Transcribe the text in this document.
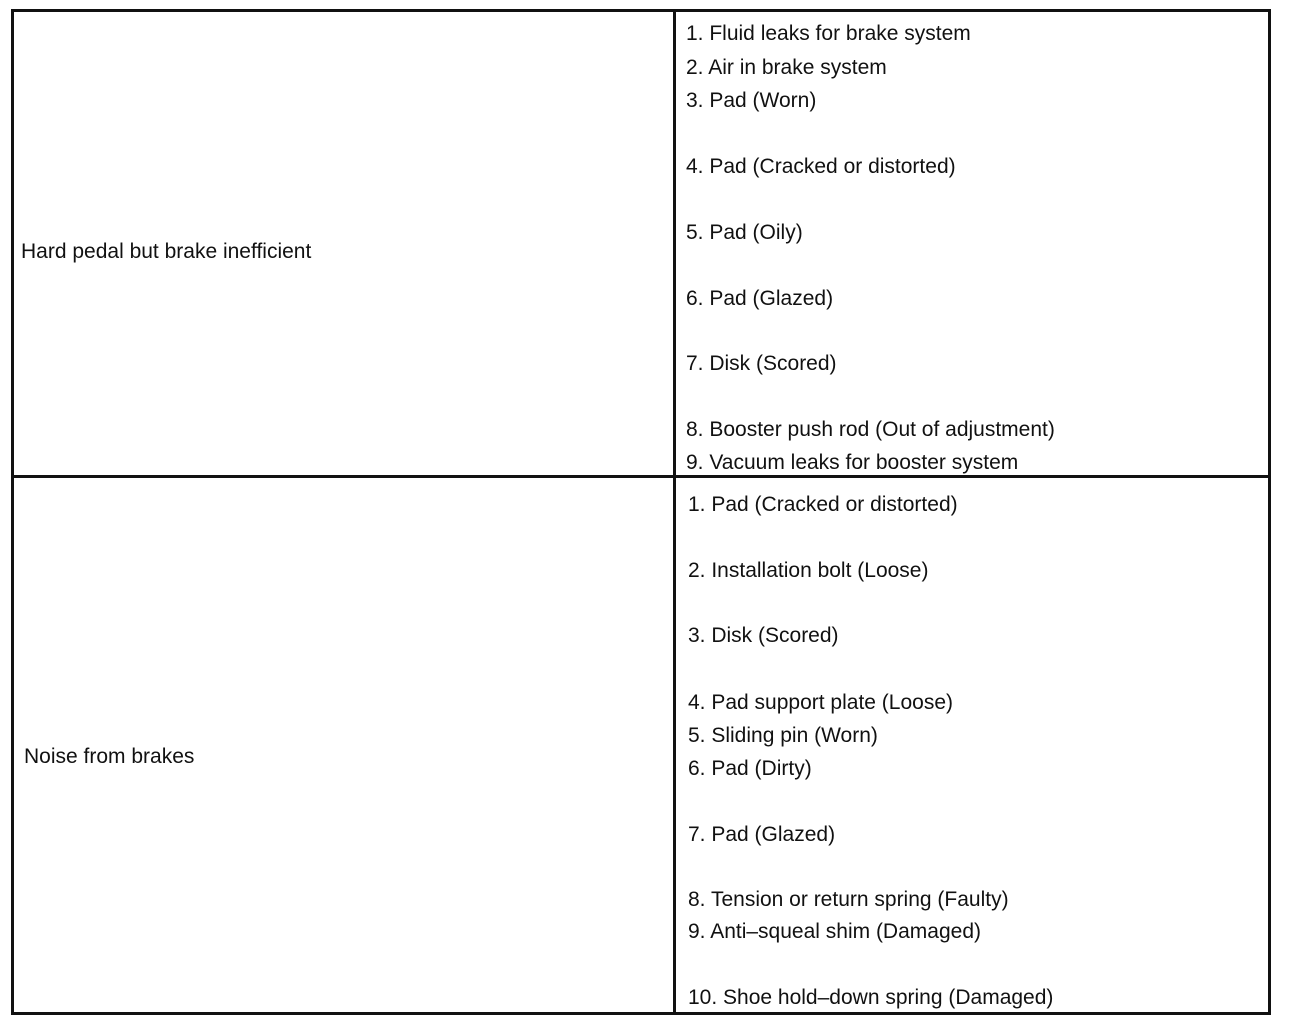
Hard pedal but brake inefficient
1. Fluid leaks for brake system
2. Air in brake system
3. Pad (Worn)
4. Pad (Cracked or distorted)
5. Pad (Oily)
6. Pad (Glazed)
7. Disk (Scored)
8. Booster push rod (Out of adjustment)
9. Vacuum leaks for booster system
Noise from brakes
1. Pad (Cracked or distorted)
2. Installation bolt (Loose)
3. Disk (Scored)
4. Pad support plate (Loose)
5. Sliding pin (Worn)
6. Pad (Dirty)
7. Pad (Glazed)
8. Tension or return spring (Faulty)
9. Anti–squeal shim (Damaged)
10. Shoe hold–down spring (Damaged)
